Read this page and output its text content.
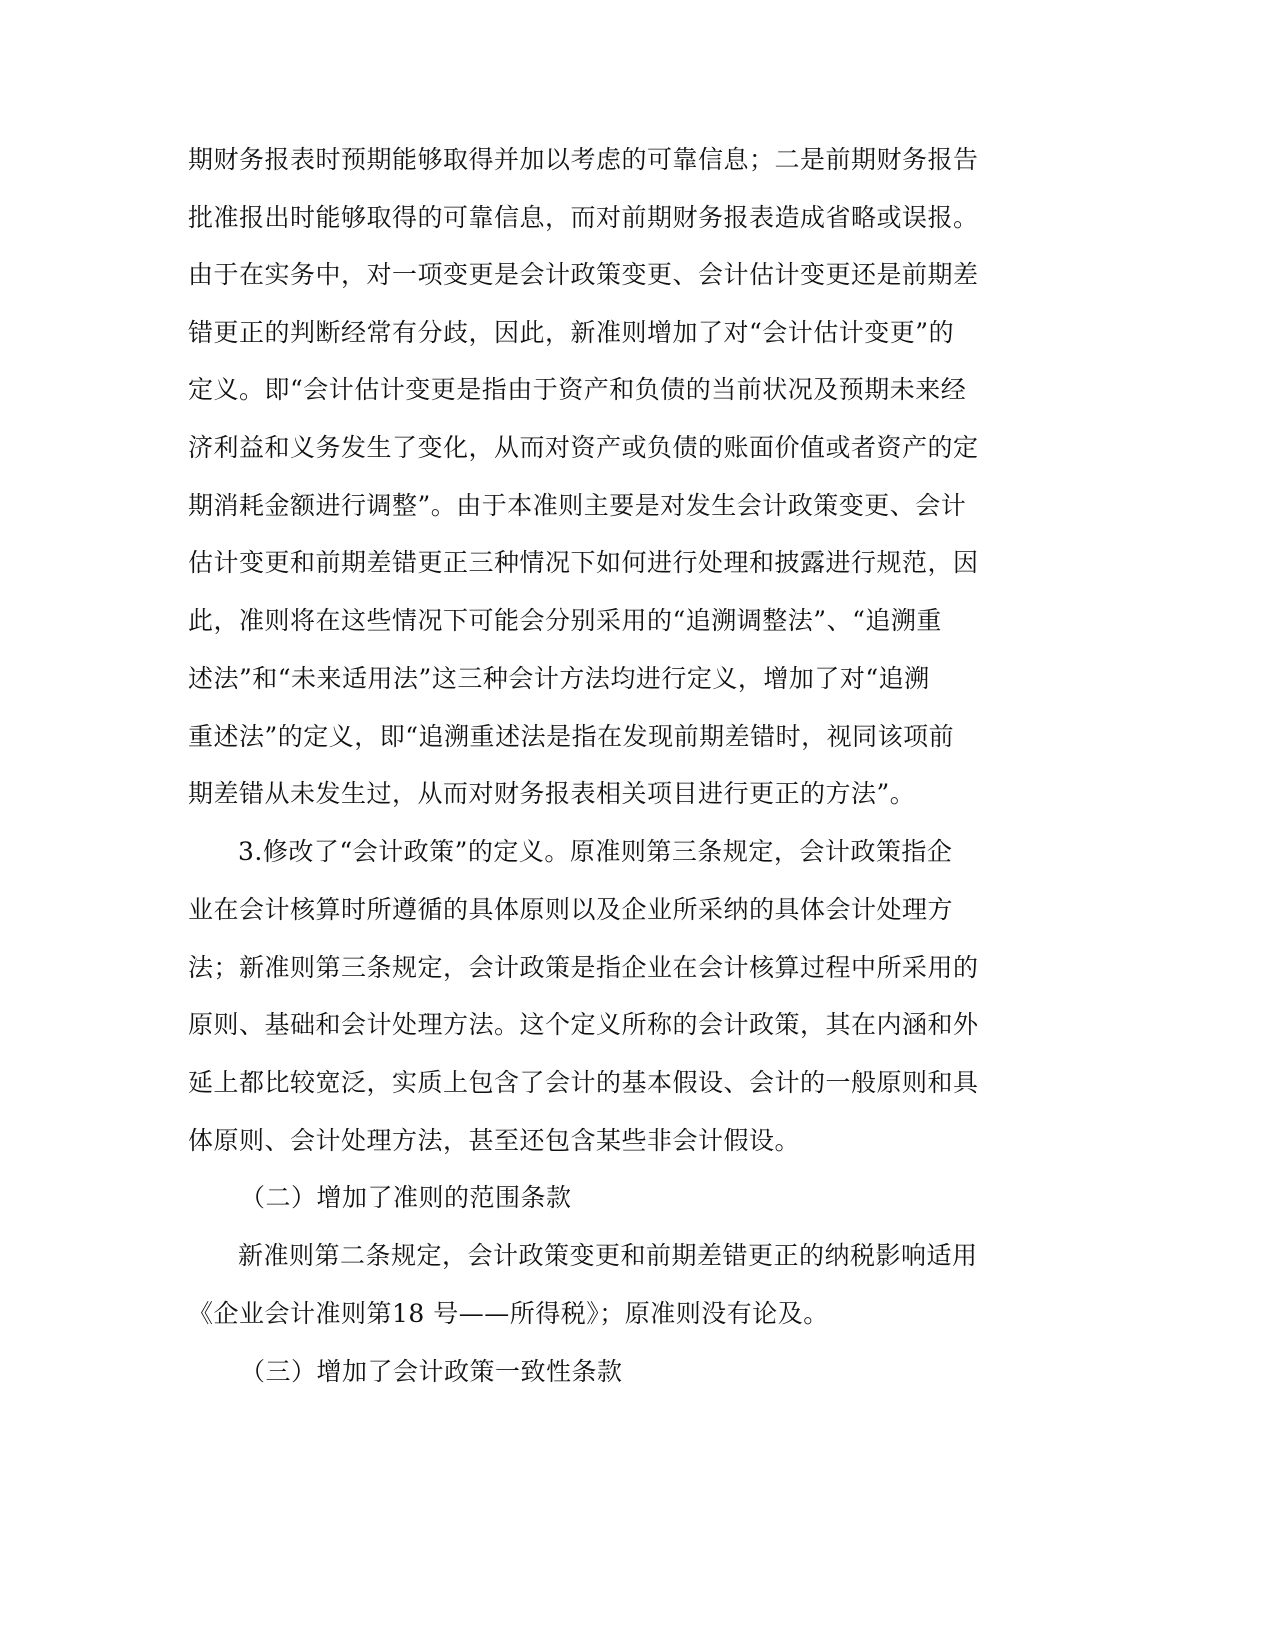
期财务报表时预期能够取得并加以考虑的可靠信息；二是前期财务报告
批准报出时能够取得的可靠信息，而对前期财务报表造成省略或误报。
由于在实务中，对一项变更是会计政策变更、会计估计变更还是前期差
错更正的判断经常有分歧，因此，新准则增加了对“会计估计变更”的
定义。即“会计估计变更是指由于资产和负债的当前状况及预期未来经
济利益和义务发生了变化，从而对资产或负债的账面价值或者资产的定
期消耗金额进行调整”。由于本准则主要是对发生会计政策变更、会计
估计变更和前期差错更正三种情况下如何进行处理和披露进行规范，因
此，准则将在这些情况下可能会分别采用的“追溯调整法”、“追溯重
述法”和“未来适用法”这三种会计方法均进行定义，增加了对“追溯
重述法”的定义，即“追溯重述法是指在发现前期差错时，视同该项前
期差错从未发生过，从而对财务报表相关项目进行更正的方法”。
3.修改了“会计政策”的定义。原准则第三条规定，会计政策指企
业在会计核算时所遵循的具体原则以及企业所采纳的具体会计处理方
法；新准则第三条规定，会计政策是指企业在会计核算过程中所采用的
原则、基础和会计处理方法。这个定义所称的会计政策，其在内涵和外
延上都比较宽泛，实质上包含了会计的基本假设、会计的一般原则和具
体原则、会计处理方法，甚至还包含某些非会计假设。
（二）增加了准则的范围条款
新准则第二条规定，会计政策变更和前期差错更正的纳税影响适用
《企业会计准则第18 号——所得税》；原准则没有论及。
（三）增加了会计政策一致性条款
